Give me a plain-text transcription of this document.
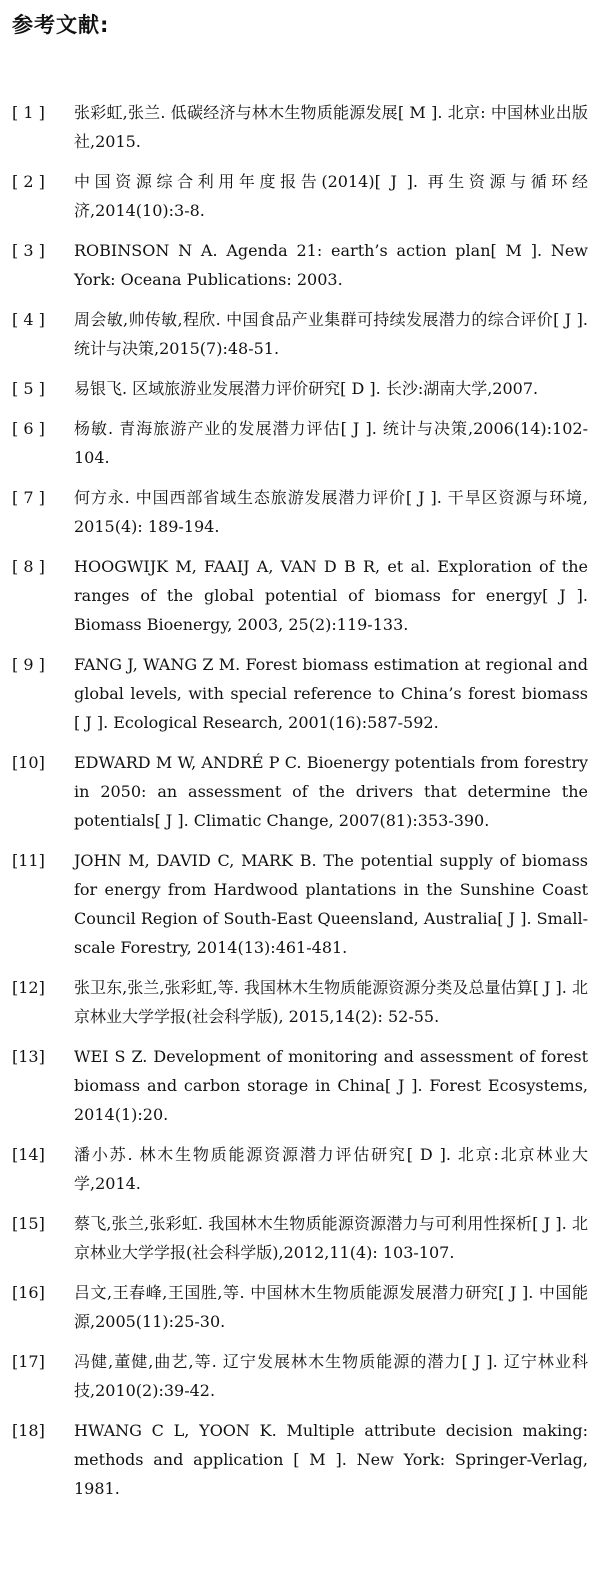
参考文献:
[ 1 ]	张彩虹,张兰. 低碳经济与林木生物质能源发展[ M ]. 北京: 中国林业出版社,2015.
[ 2 ]	中国资源综合利用年度报告(2014)[ J ]. 再生资源与循环经济,2014(10):3-8.
[ 3 ]	ROBINSON N A. Agenda 21: earth’s action plan[ M ]. New York: Oceana Publications: 2003.
[ 4 ]	周会敏,帅传敏,程欣. 中国食品产业集群可持续发展潜力的综合评价[ J ]. 统计与决策,2015(7):48-51.
[ 5 ]	易银飞. 区域旅游业发展潜力评价研究[ D ]. 长沙:湖南大学,2007.
[ 6 ]	杨敏. 青海旅游产业的发展潜力评估[ J ]. 统计与决策,2006(14):102-104.
[ 7 ]	何方永. 中国西部省域生态旅游发展潜力评价[ J ]. 干旱区资源与环境, 2015(4): 189-194.
[ 8 ]	HOOGWIJK M, FAAIJ A, VAN D B R, et al. Exploration of the ranges of the global potential of biomass for energy[ J ]. Biomass Bioenergy, 2003, 25(2):119-133.
[ 9 ]	FANG J, WANG Z M. Forest biomass estimation at regional and global levels, with special reference to China’s forest biomass [ J ]. Ecological Research, 2001(16):587-592.
[10]	EDWARD M W, ANDRÉ P C. Bioenergy potentials from forestry in 2050: an assessment of the drivers that determine the potentials[ J ]. Climatic Change, 2007(81):353-390.
[11]	JOHN M, DAVID C, MARK B. The potential supply of biomass for energy from Hardwood plantations in the Sunshine Coast Council Region of South-East Queensland, Australia[ J ]. Small-scale Forestry, 2014(13):461-481.
[12]	张卫东,张兰,张彩虹,等. 我国林木生物质能源资源分类及总量估算[ J ]. 北京林业大学学报(社会科学版), 2015,14(2): 52-55.
[13]	WEI S Z. Development of monitoring and assessment of forest biomass and carbon storage in China[ J ]. Forest Ecosystems, 2014(1):20.
[14]	潘小苏. 林木生物质能源资源潜力评估研究[ D ]. 北京:北京林业大学,2014.
[15]	蔡飞,张兰,张彩虹. 我国林木生物质能源资源潜力与可利用性探析[ J ]. 北京林业大学学报(社会科学版),2012,11(4): 103-107.
[16]	吕文,王春峰,王国胜,等. 中国林木生物质能源发展潜力研究[ J ]. 中国能源,2005(11):25-30.
[17]	冯健,董健,曲艺,等. 辽宁发展林木生物质能源的潜力[ J ]. 辽宁林业科技,2010(2):39-42.
[18]	HWANG C L, YOON K. Multiple attribute decision making: methods and application [ M ]. New York: Springer-Verlag, 1981.
